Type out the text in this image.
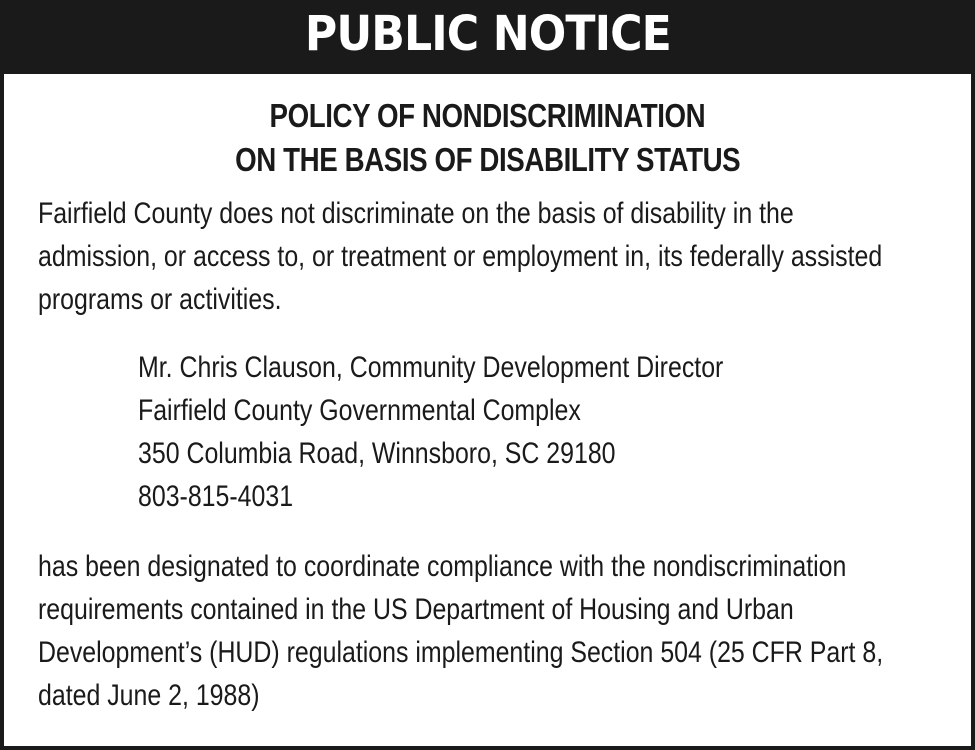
PUBLIC NOTICE
POLICY OF NONDISCRIMINATION
ON THE BASIS OF DISABILITY STATUS
Fairfield County does not discriminate on the basis of disability in the
admission, or access to, or treatment or employment in, its federally assisted
programs or activities.
Mr. Chris Clauson, Community Development Director
Fairfield County Governmental Complex
350 Columbia Road, Winnsboro, SC 29180
803-815-4031
has been designated to coordinate compliance with the nondiscrimination
requirements contained in the US Department of Housing and Urban
Development’s (HUD) regulations implementing Section 504 (25 CFR Part 8,
dated June 2, 1988)
